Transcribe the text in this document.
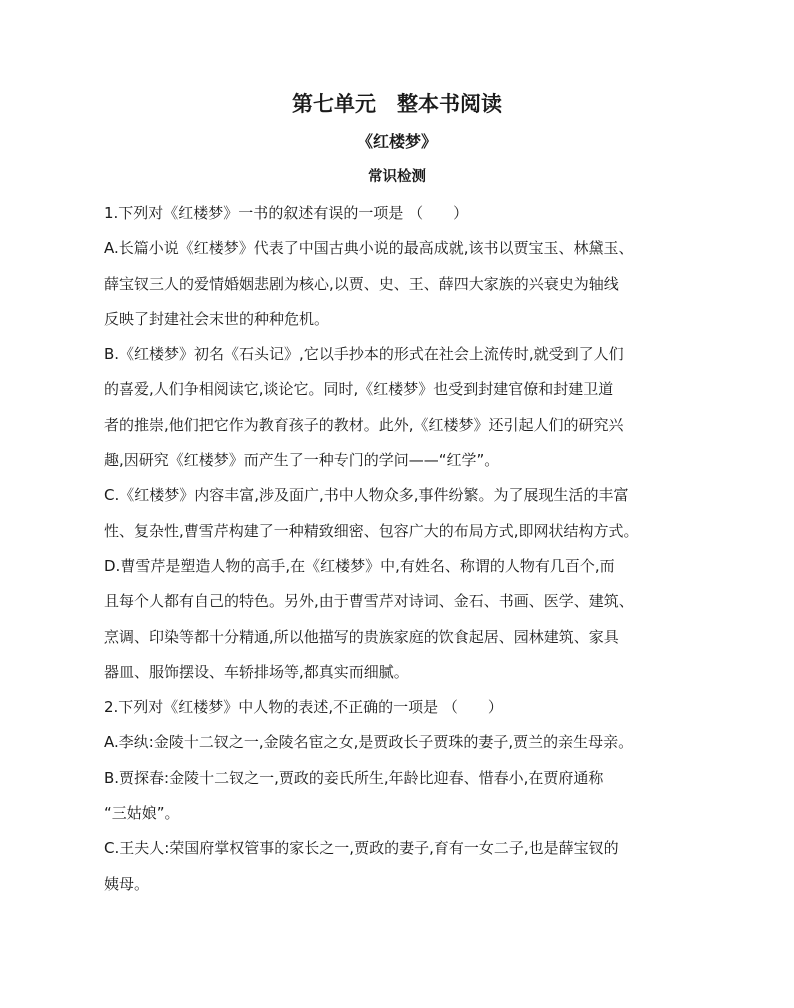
第七单元　整本书阅读
《红楼梦》
常识检测
1.下列对《红楼梦》一书的叙述有误的一项是 （　　）
A.长篇小说《红楼梦》代表了中国古典小说的最高成就,该书以贾宝玉、林黛玉、
薛宝钗三人的爱情婚姻悲剧为核心,以贾、史、王、薛四大家族的兴衰史为轴线
反映了封建社会末世的种种危机。
B.《红楼梦》初名《石头记》,它以手抄本的形式在社会上流传时,就受到了人们
的喜爱,人们争相阅读它,谈论它。同时,《红楼梦》也受到封建官僚和封建卫道
者的推崇,他们把它作为教育孩子的教材。此外,《红楼梦》还引起人们的研究兴
趣,因研究《红楼梦》而产生了一种专门的学问——“红学”。
C.《红楼梦》内容丰富,涉及面广,书中人物众多,事件纷繁。为了展现生活的丰富
性、复杂性,曹雪芹构建了一种精致细密、包容广大的布局方式,即网状结构方式。
D.曹雪芹是塑造人物的高手,在《红楼梦》中,有姓名、称谓的人物有几百个,而
且每个人都有自己的特色。另外,由于曹雪芹对诗词、金石、书画、医学、建筑、
烹调、印染等都十分精通,所以他描写的贵族家庭的饮食起居、园林建筑、家具
器皿、服饰摆设、车轿排场等,都真实而细腻。
2.下列对《红楼梦》中人物的表述,不正确的一项是 （　　）
A.李纨:金陵十二钗之一,金陵名宦之女,是贾政长子贾珠的妻子,贾兰的亲生母亲。
B.贾探春:金陵十二钗之一,贾政的妾氏所生,年龄比迎春、惜春小,在贾府通称
“三姑娘”。
C.王夫人:荣国府掌权管事的家长之一,贾政的妻子,育有一女二子,也是薛宝钗的
姨母。
